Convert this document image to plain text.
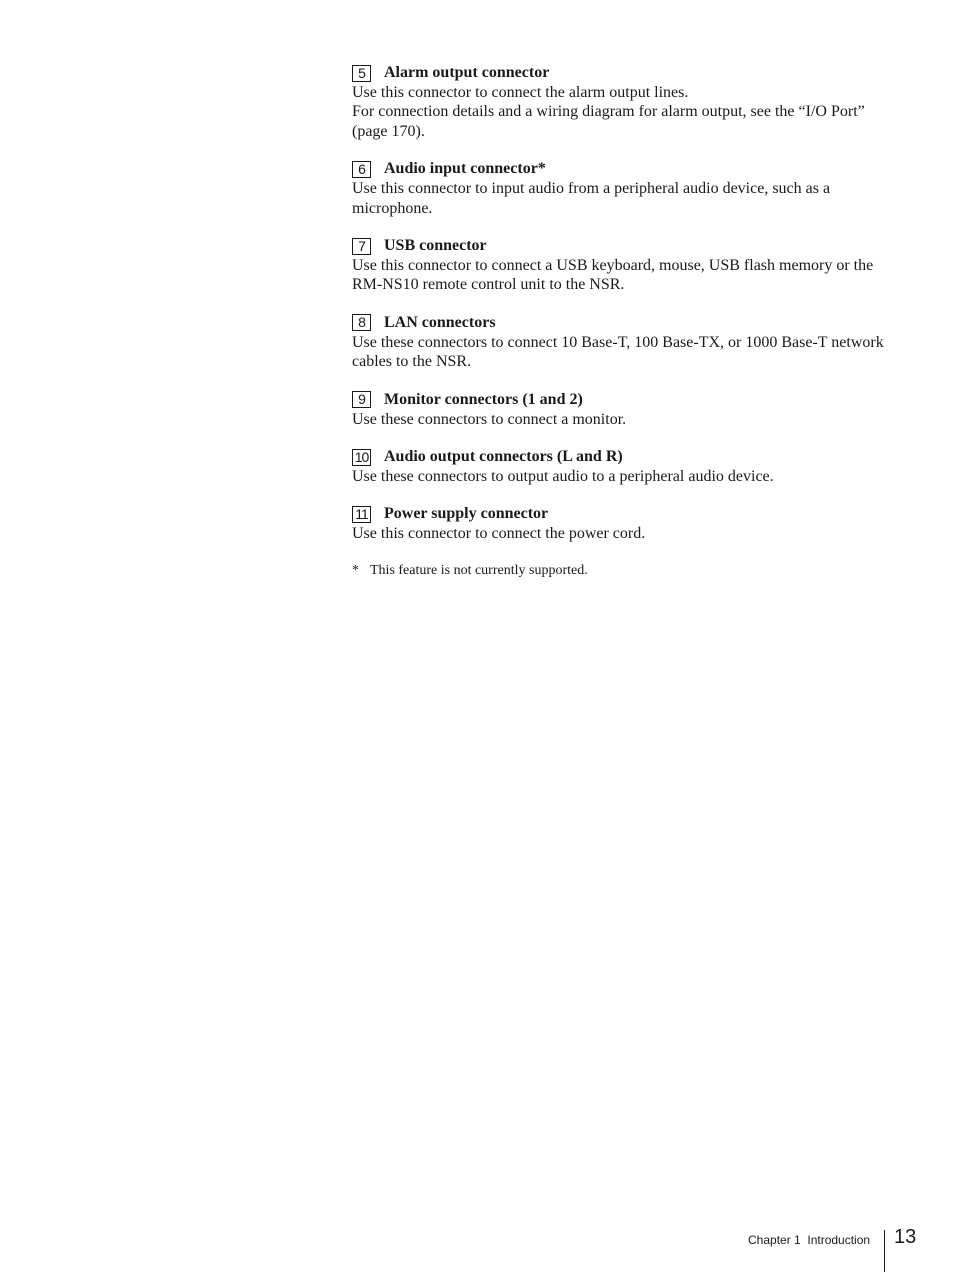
5	Alarm output connector
Use this connector to connect the alarm output lines.
For connection details and a wiring diagram for alarm output, see the “I/O Port” (page 170).
6	Audio input connector*
Use this connector to input audio from a peripheral audio device, such as a microphone.
7	USB connector
Use this connector to connect a USB keyboard, mouse, USB flash memory or the RM-NS10 remote control unit to the NSR.
8	LAN connectors
Use these connectors to connect 10 Base-T, 100 Base-TX, or 1000 Base-T network cables to the NSR.
9	Monitor connectors (1 and 2)
Use these connectors to connect a monitor.
10 Audio output connectors (L and R)
Use these connectors to output audio to a peripheral audio device.
11 Power supply connector
Use this connector to connect the power cord.
* This feature is not currently supported.
Chapter 1  Introduction 13
